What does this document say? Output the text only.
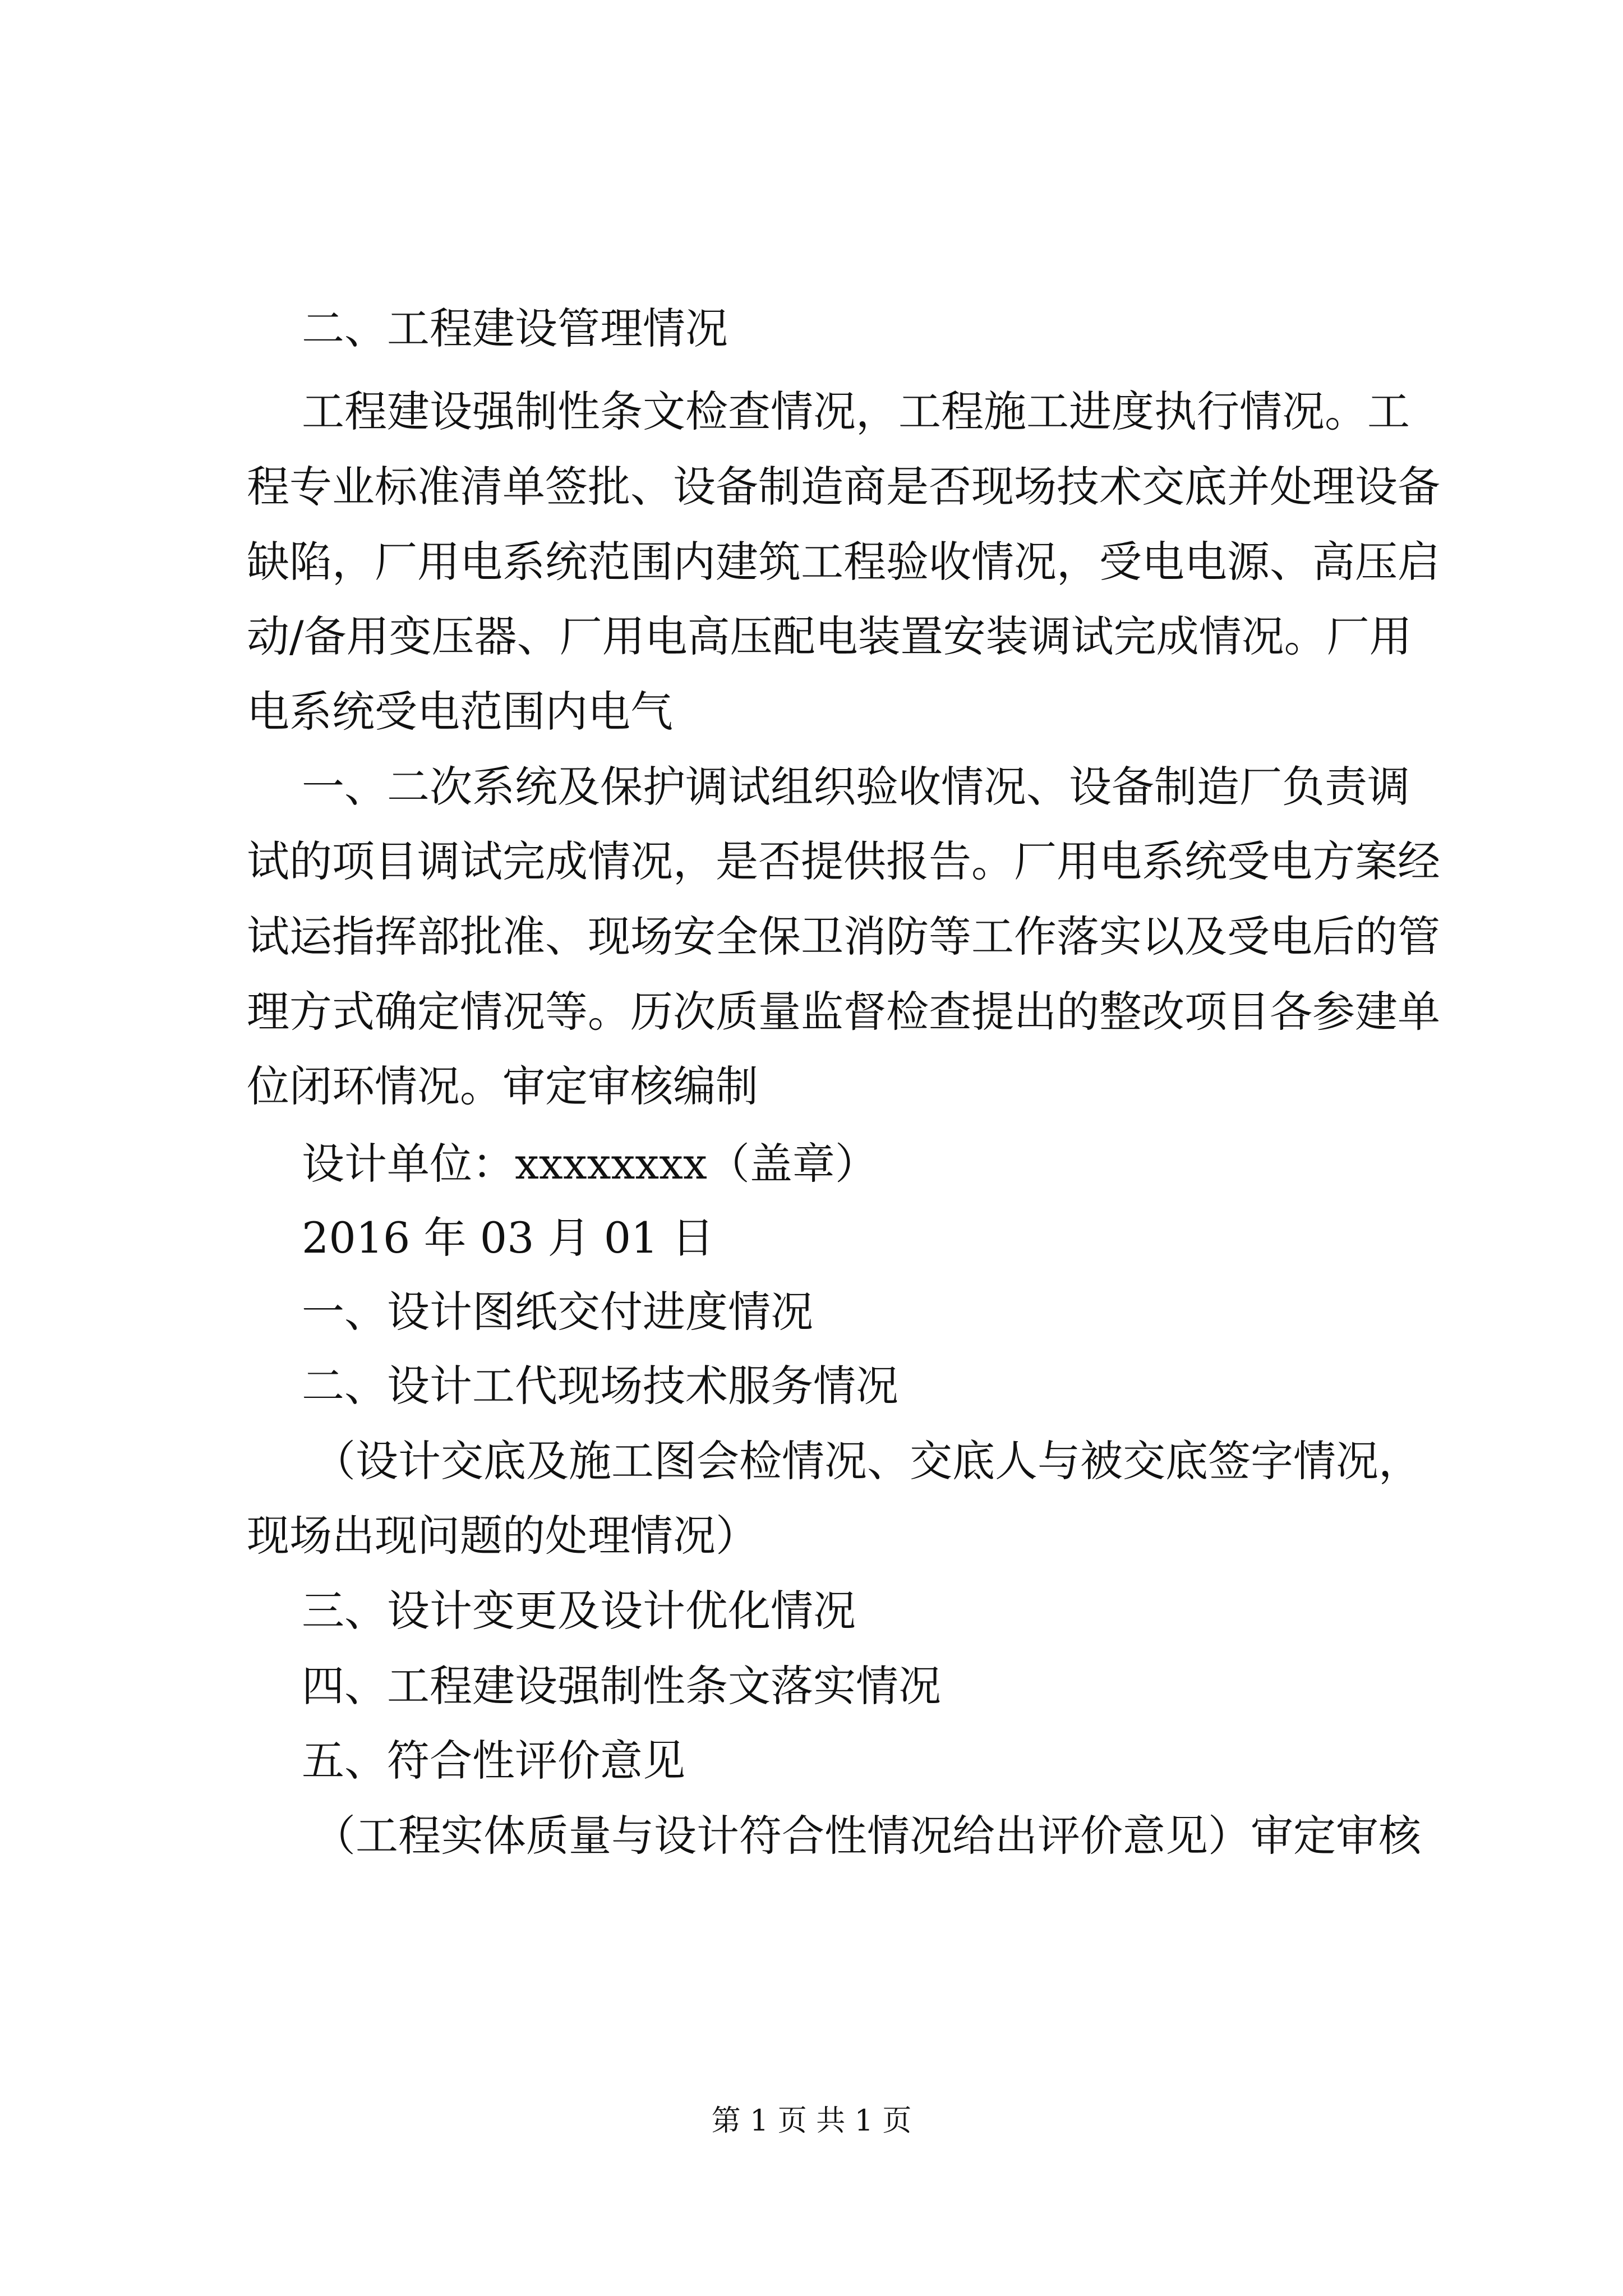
二、工程建设管理情况
工程建设强制性条文检查情况，工程施工进度执行情况。工
程专业标准清单签批、设备制造商是否现场技术交底并处理设备
缺陷，厂用电系统范围内建筑工程验收情况，受电电源、高压启
动/备用变压器、厂用电高压配电装置安装调试完成情况。厂用
电系统受电范围内电气
一、二次系统及保护调试组织验收情况、设备制造厂负责调
试的项目调试完成情况，是否提供报告。厂用电系统受电方案经
试运指挥部批准、现场安全保卫消防等工作落实以及受电后的管
理方式确定情况等。历次质量监督检查提出的整改项目各参建单
位闭环情况。审定审核编制
设计单位：xxxxxxxx（盖章）
2016 年 03 月 01 日
一、设计图纸交付进度情况
二、设计工代现场技术服务情况
（设计交底及施工图会检情况、交底人与被交底签字情况，
现场出现问题的处理情况）
三、设计变更及设计优化情况
四、工程建设强制性条文落实情况
五、符合性评价意见
（工程实体质量与设计符合性情况给出评价意见）审定审核
第 1 页 共 1 页
